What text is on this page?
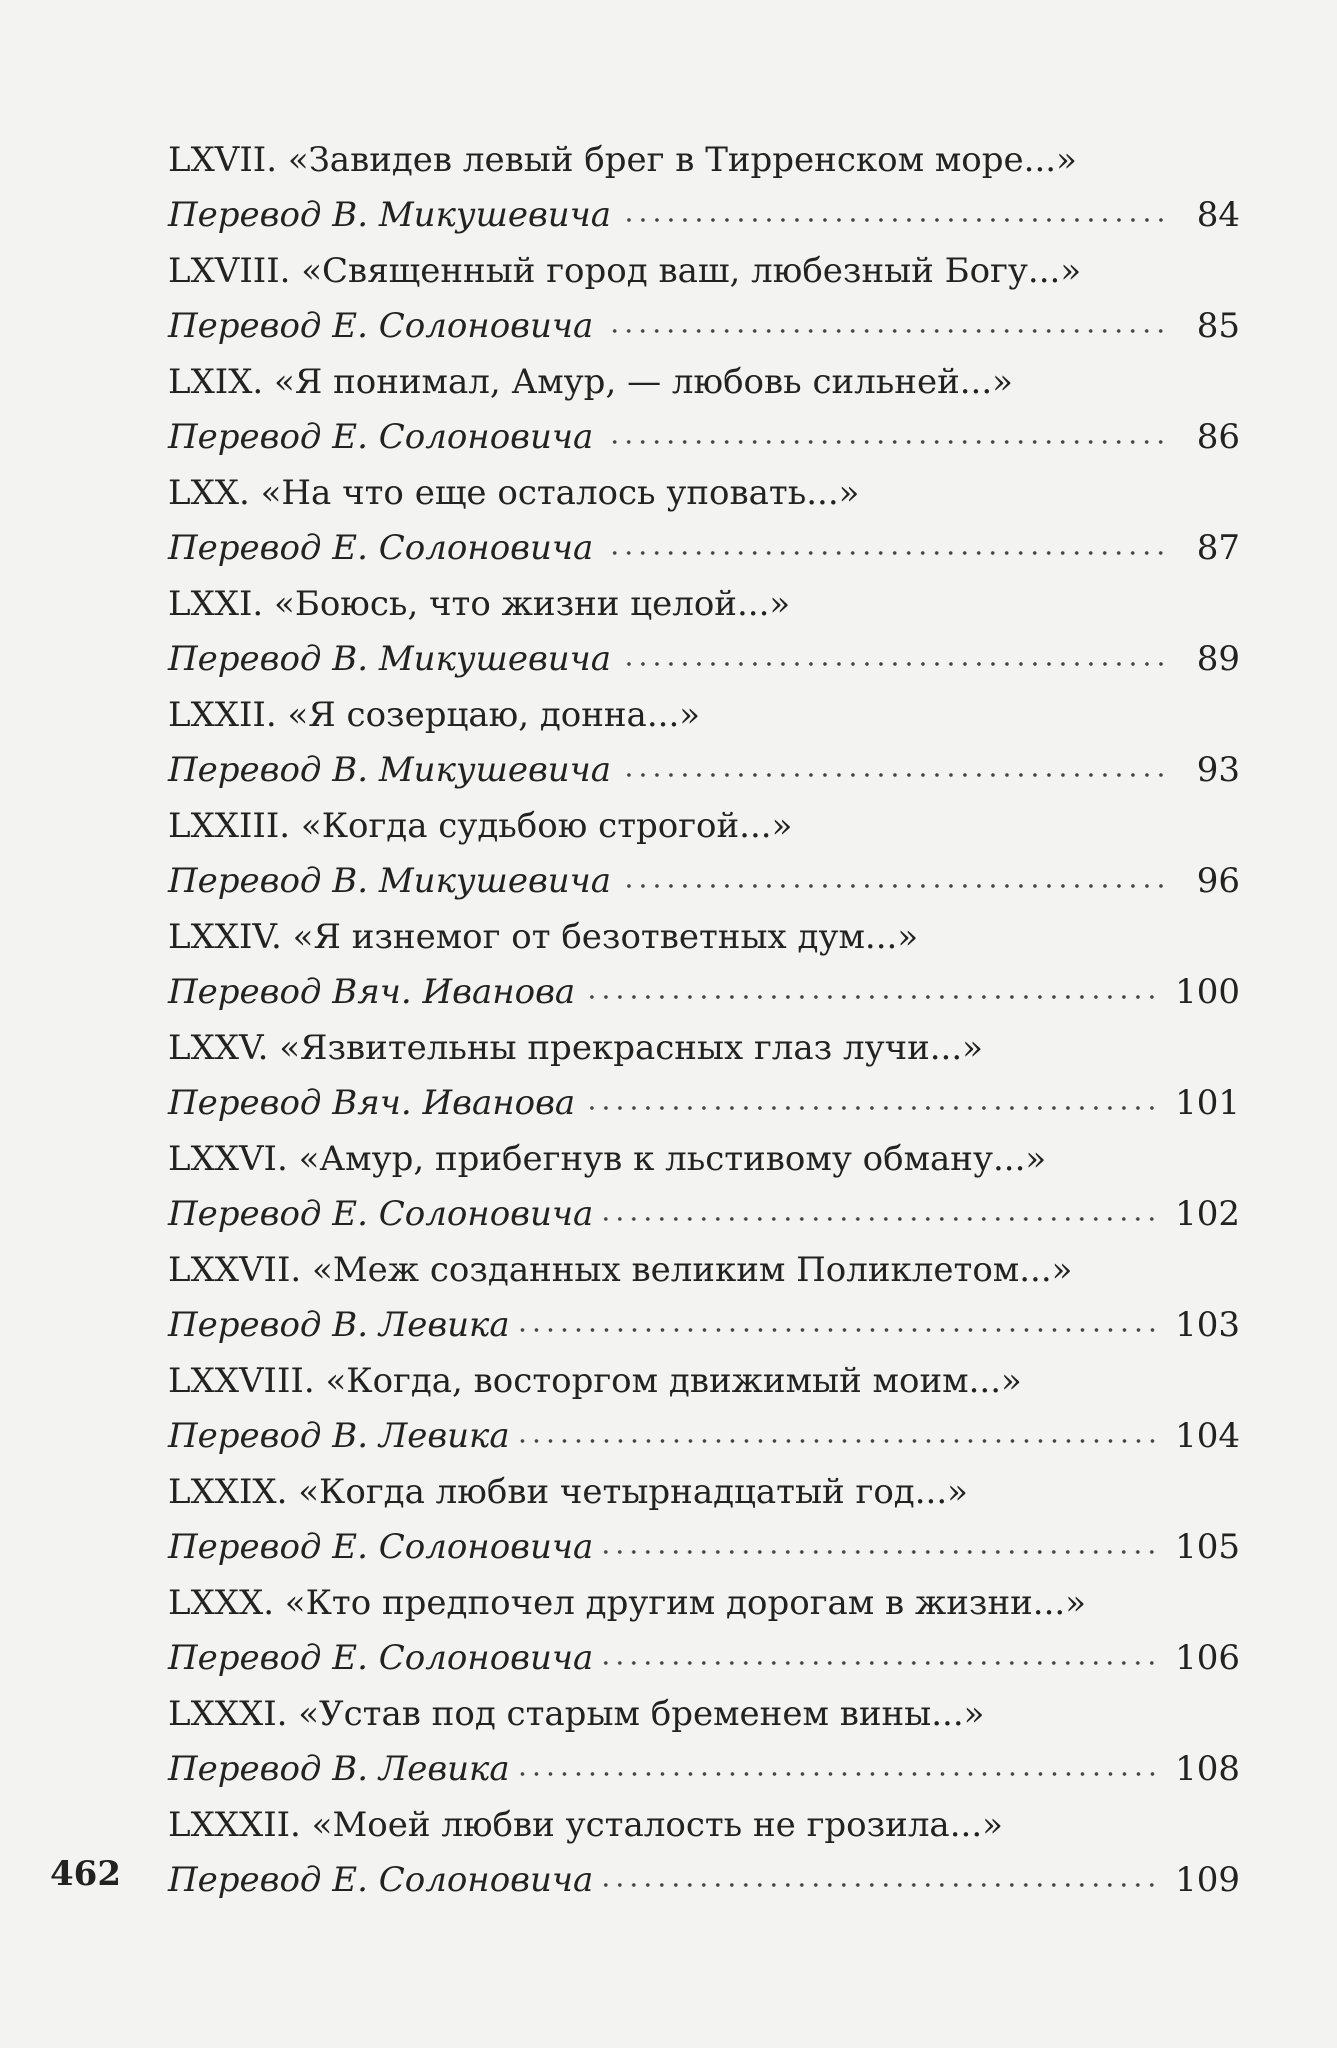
LXVII. «Завидев левый брег в Тирренском море...»
Перевод В. Микушевича	84
LXVIII. «Священный город ваш, любезный Богу...»
Перевод Е. Солоновича	85
LXIX. «Я понимал, Амур, — любовь сильней...»
Перевод Е. Солоновича	86
LXX. «На что еще осталось уповать...»
Перевод Е. Солоновича	87
LXXI. «Боюсь, что жизни целой...»
Перевод В. Микушевича	89
LXXII. «Я созерцаю, донна...»
Перевод В. Микушевича	93
LXXIII. «Когда судьбою строгой...»
Перевод В. Микушевича	96
LXXIV. «Я изнемог от безответных дум...»
Перевод Вяч. Иванова	100
LXXV. «Язвительны прекрасных глаз лучи...»
Перевод Вяч. Иванова	101
LXXVI. «Амур, прибегнув к льстивому обману...»
Перевод Е. Солоновича	102
LXXVII. «Меж созданных великим Поликлетом...»
Перевод В. Левика	103
LXXVIII. «Когда, восторгом движимый моим...»
Перевод В. Левика	104
LXXIX. «Когда любви четырнадцатый год...»
Перевод Е. Солоновича	105
LXXX. «Кто предпочел другим дорогам в жизни...»
Перевод Е. Солоновича	106
LXXXI. «Устав под старым бременем вины...»
Перевод В. Левика	108
LXXXII. «Моей любви усталость не грозила...»
Перевод Е. Солоновича	109
462
